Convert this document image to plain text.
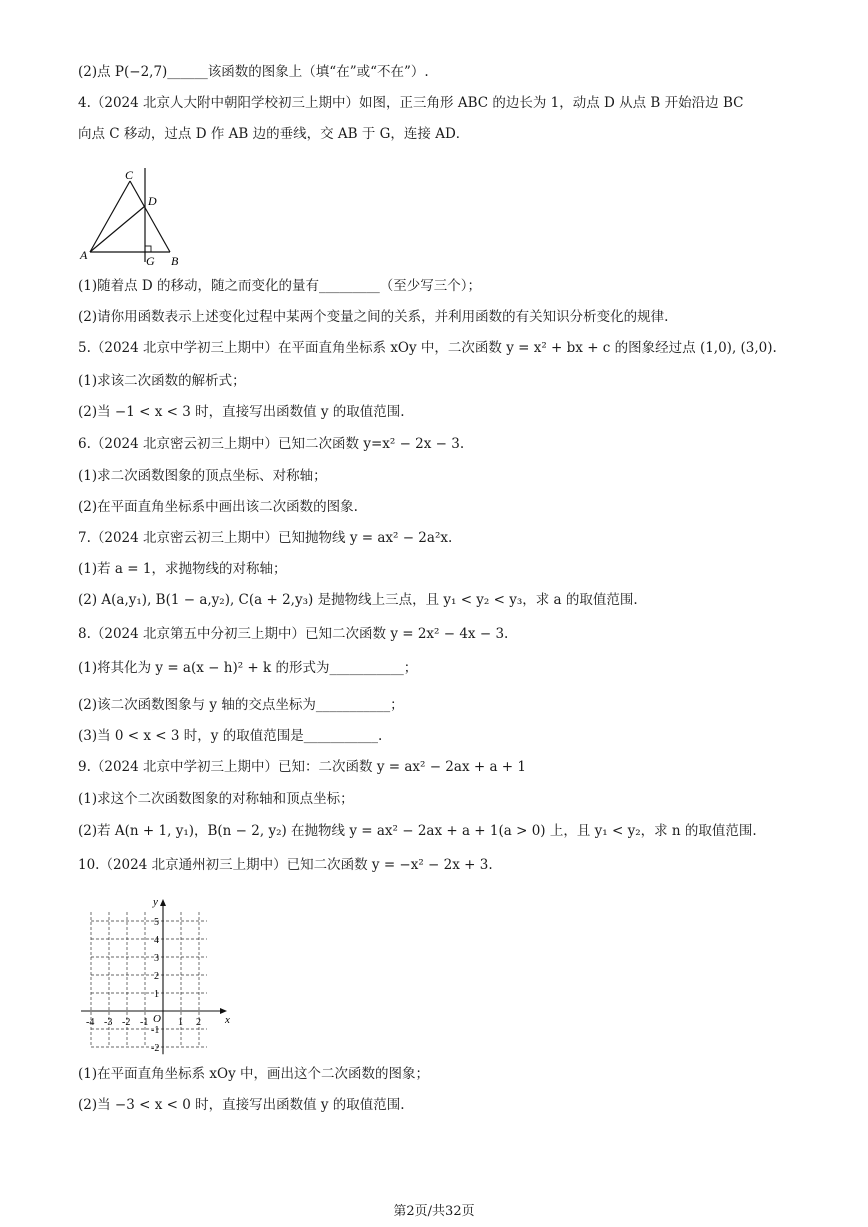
(2)点 P(−2,7)______该函数的图象上（填“在”或“不在”）.
4.（2024 北京人大附中朝阳学校初三上期中）如图，正三角形 ABC 的边长为 1，动点 D 从点 B 开始沿边 BC
向点 C 移动，过点 D 作 AB 边的垂线，交 AB 于 G，连接 AD．
(1)随着点 D 的移动，随之而变化的量有_________（至少写三个）；
(2)请你用函数表示上述变化过程中某两个变量之间的关系，并利用函数的有关知识分析变化的规律.
5.（2024 北京中学初三上期中）在平面直角坐标系 xOy 中，二次函数 y = x² + bx + c 的图象经过点 (1,0), (3,0).
(1)求该二次函数的解析式；
(2)当 −1 < x < 3 时，直接写出函数值 y 的取值范围.
6.（2024 北京密云初三上期中）已知二次函数 y=x² − 2x − 3.
(1)求二次函数图象的顶点坐标、对称轴；
(2)在平面直角坐标系中画出该二次函数的图象.
7.（2024 北京密云初三上期中）已知抛物线 y = ax² − 2a²x.
(1)若 a = 1，求抛物线的对称轴；
(2) A(a,y₁), B(1 − a,y₂), C(a + 2,y₃) 是抛物线上三点，且 y₁ < y₂ < y₃，求 a 的取值范围.
8.（2024 北京第五中分初三上期中）已知二次函数 y = 2x² − 4x − 3.
(1)将其化为 y = a(x − h)² + k 的形式为___________；
(2)该二次函数图象与 y 轴的交点坐标为___________；
(3)当 0 < x < 3 时，y 的取值范围是___________.
9.（2024 北京中学初三上期中）已知：二次函数 y = ax² − 2ax + a + 1
(1)求这个二次函数图象的对称轴和顶点坐标；
(2)若 A(n + 1, y₁)，B(n − 2, y₂) 在抛物线 y = ax² − 2ax + a + 1(a > 0) 上，且 y₁ < y₂，求 n 的取值范围.
10.（2024 北京通州初三上期中）已知二次函数 y = −x² − 2x + 3.
(1)在平面直角坐标系 xOy 中，画出这个二次函数的图象；
(2)当 −3 < x < 0 时，直接写出函数值 y 的取值范围.
A	B
C
D
G
x
y
O
-4 -3 -2 -1	1 2
5
4
3
2
1
-1
-2
第2页/共32页
